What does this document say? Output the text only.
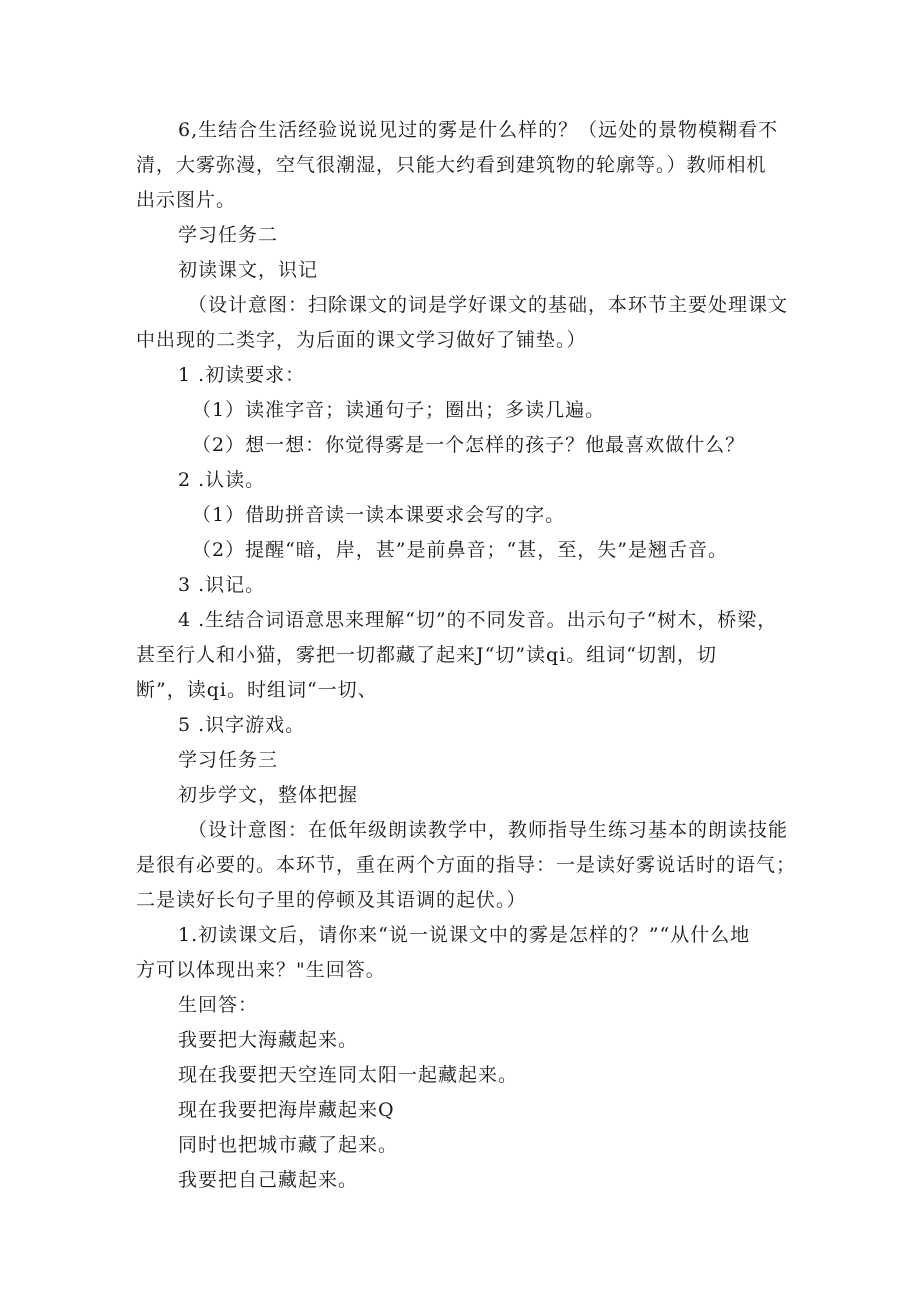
6,生结合生活经验说说见过的雾是什么样的？（远处的景物模糊看不
清，大雾弥漫，空气很潮湿，只能大约看到建筑物的轮廓等。）教师相机
出示图片。
学习任务二
初读课文，识记
（设计意图：扫除课文的词是学好课文的基础，本环节主要处理课文
中出现的二类字，为后面的课文学习做好了铺垫。）
1 .初读要求：
（1）读准字音；读通句子；圈出；多读几遍。
（2）想一想：你觉得雾是一个怎样的孩子？他最喜欢做什么？
2 .认读。
（1）借助拼音读一读本课要求会写的字。
（2）提醒“暗，岸，甚”是前鼻音；“甚，至，失”是翘舌音。
3 .识记。
4 .生结合词语意思来理解“切”的不同发音。出示句子“树木，桥梁，
甚至行人和小猫，雾把一切都藏了起来J“切”读qi。组词“切割，切
断”，读qi。时组词“一切、
5 .识字游戏。
学习任务三
初步学文，整体把握
（设计意图：在低年级朗读教学中，教师指导生练习基本的朗读技能
是很有必要的。本环节，重在两个方面的指导：一是读好雾说话时的语气；
二是读好长句子里的停顿及其语调的起伏。）
1.初读课文后，请你来“说一说课文中的雾是怎样的？”“从什么地
方可以体现出来？"生回答。
生回答：
我要把大海藏起来。
现在我要把天空连同太阳一起藏起来。
现在我要把海岸藏起来Q
同时也把城市藏了起来。
我要把自己藏起来。
